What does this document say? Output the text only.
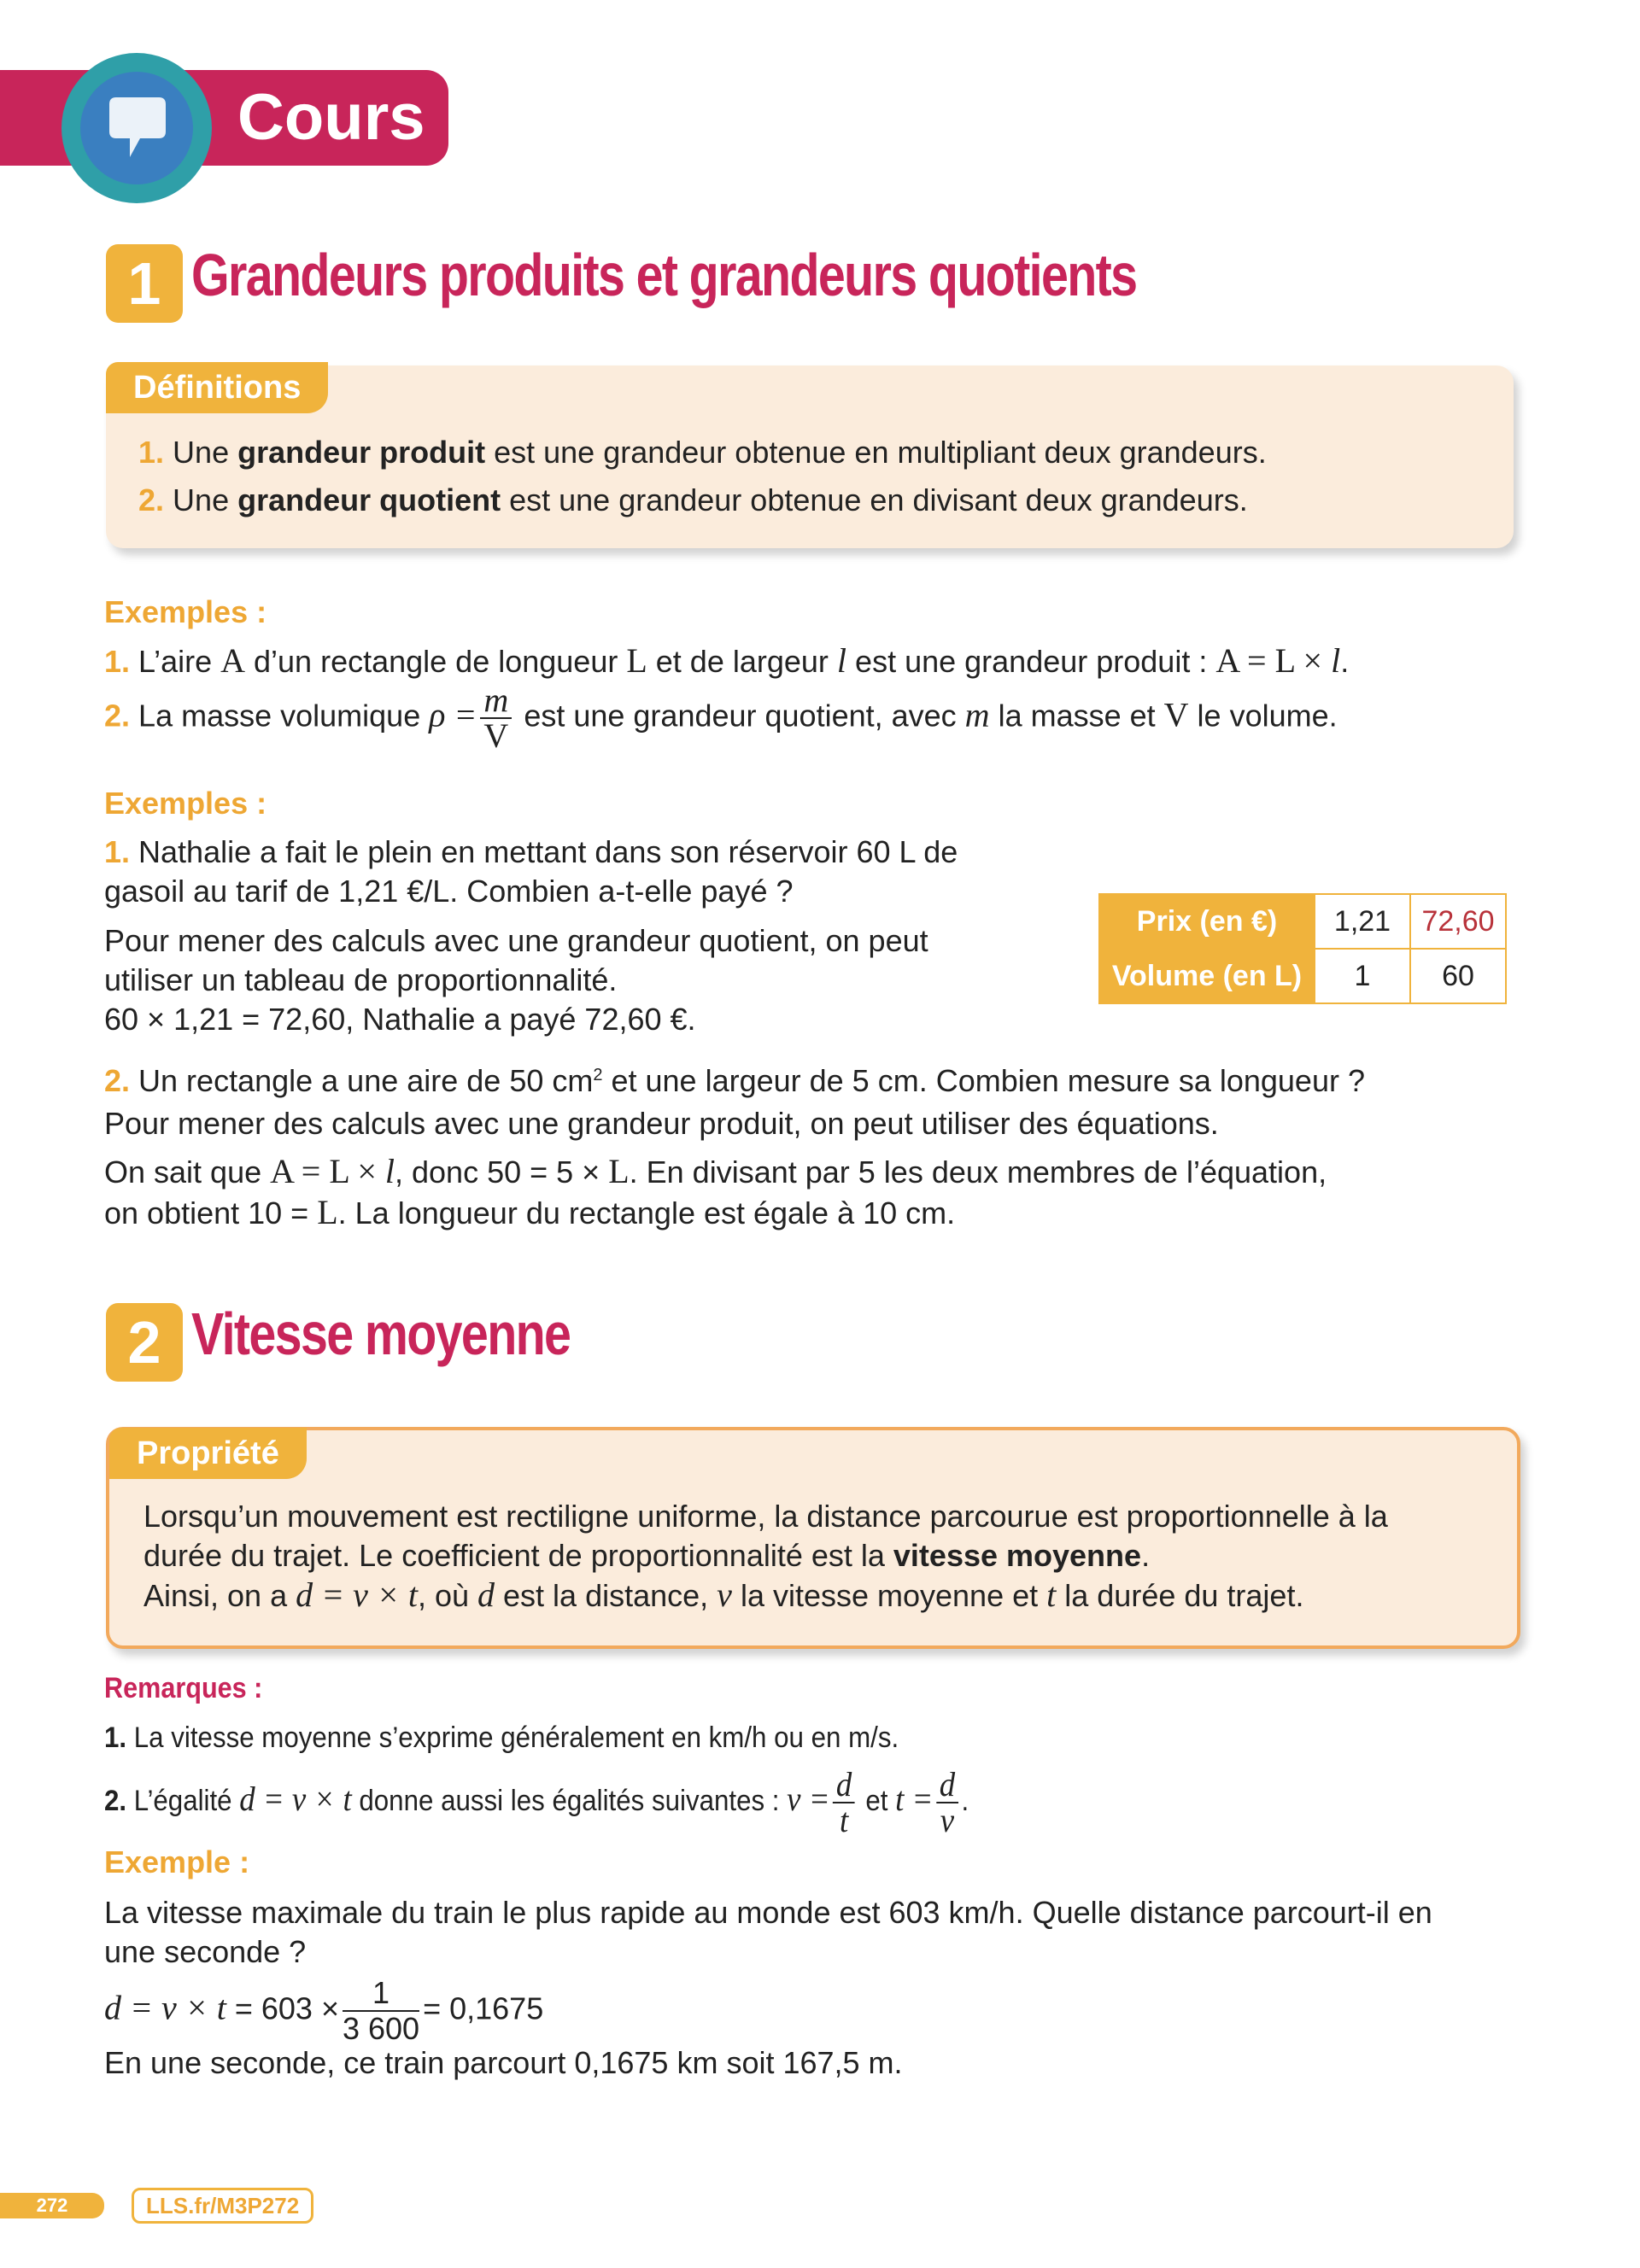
Cours
1 Grandeurs produits et grandeurs quotients
Définitions
1. Une grandeur produit est une grandeur obtenue en multipliant deux grandeurs.
2. Une grandeur quotient est une grandeur obtenue en divisant deux grandeurs.
Exemples :
1. L’aire A d’un rectangle de longueur L et de largeur l est une grandeur produit : A = L × l.
2. La masse volumique $\rho = \frac{m}{V}$ est une grandeur quotient, avec m la masse et V le volume.
Exemples :
1. Nathalie a fait le plein en mettant dans son réservoir 60 L de
gasoil au tarif de 1,21 €/L. Combien a-t-elle payé ?
Pour mener des calculs avec une grandeur quotient, on peut
utiliser un tableau de proportionnalité.
60 × 1,21 = 72,60, Nathalie a payé 72,60 €.
Prix (en €)	1,21	72,60
Volume (en L)	1	60
2. Un rectangle a une aire de 50 $cm^2$ et une largeur de 5 cm. Combien mesure sa longueur ?
Pour mener des calculs avec une grandeur produit, on peut utiliser des équations.
On sait que A = L × l, donc 50 = 5 × L. En divisant par 5 les deux membres de l’équation,
on obtient 10 = L. La longueur du rectangle est égale à 10 cm.
2 Vitesse moyenne
Propriété
Lorsqu’un mouvement est rectiligne uniforme, la distance parcourue est proportionnelle à la
durée du trajet. Le coefficient de proportionnalité est la vitesse moyenne.
Ainsi, on a d = v × t, où d est la distance, v la vitesse moyenne et t la durée du trajet.
Remarques :
1. La vitesse moyenne s’exprime généralement en km/h ou en m/s.
2. L’égalité d = v × t donne aussi les égalités suivantes : $v = \frac{d}{t}$ et $t = \frac{d}{v}$ .
Exemple :
La vitesse maximale du train le plus rapide au monde est 603 km/h. Quelle distance parcourt-il en
une seconde ?
$d = v \times t = 603 \times \frac{1}{3 600} = 0,1675$
En une seconde, ce train parcourt 0,1675 km soit 167,5 m.
272	LLS.fr/M3P272
